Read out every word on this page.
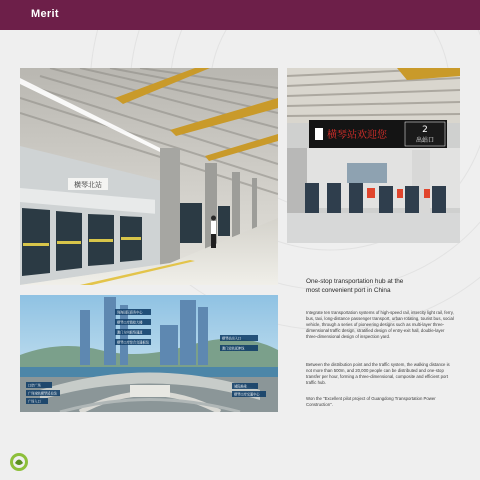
Merit
横琴北站
横琴站欢迎您	2
出站口
珠海国际商务中心
横琴口岸旅检大楼
澳门方向联络通道
横琴口岸综合交通枢纽
横琴站出入口
澳门轻轨延伸线
口岸广场
广珠城轨横琴延长线
广场入口
城际换乘
横琴口岸交通中心
One-stop transportation hub at the
most convenient port in China
Integrate ten transportation systems of high-speed rail, intercity light rail, ferry, bus, taxi, long-distance passenger transport, urban rotating, tourist bus, social vehicle, through a series of pioneering designs such as multi-layer three-dimensional traffic design, stratified design of entry-exit hall, double-layer three-dimensional design of inspection yard.
Between the distribution point and the traffic system, the walking distance is not more than 500m, and 20,000 people can be distributed and one-stop transfer per hour, forming a three-dimensional, composite and efficient port traffic hub.
Won the "Excellent pilot project of Guangdong Transportation Power Construction".
